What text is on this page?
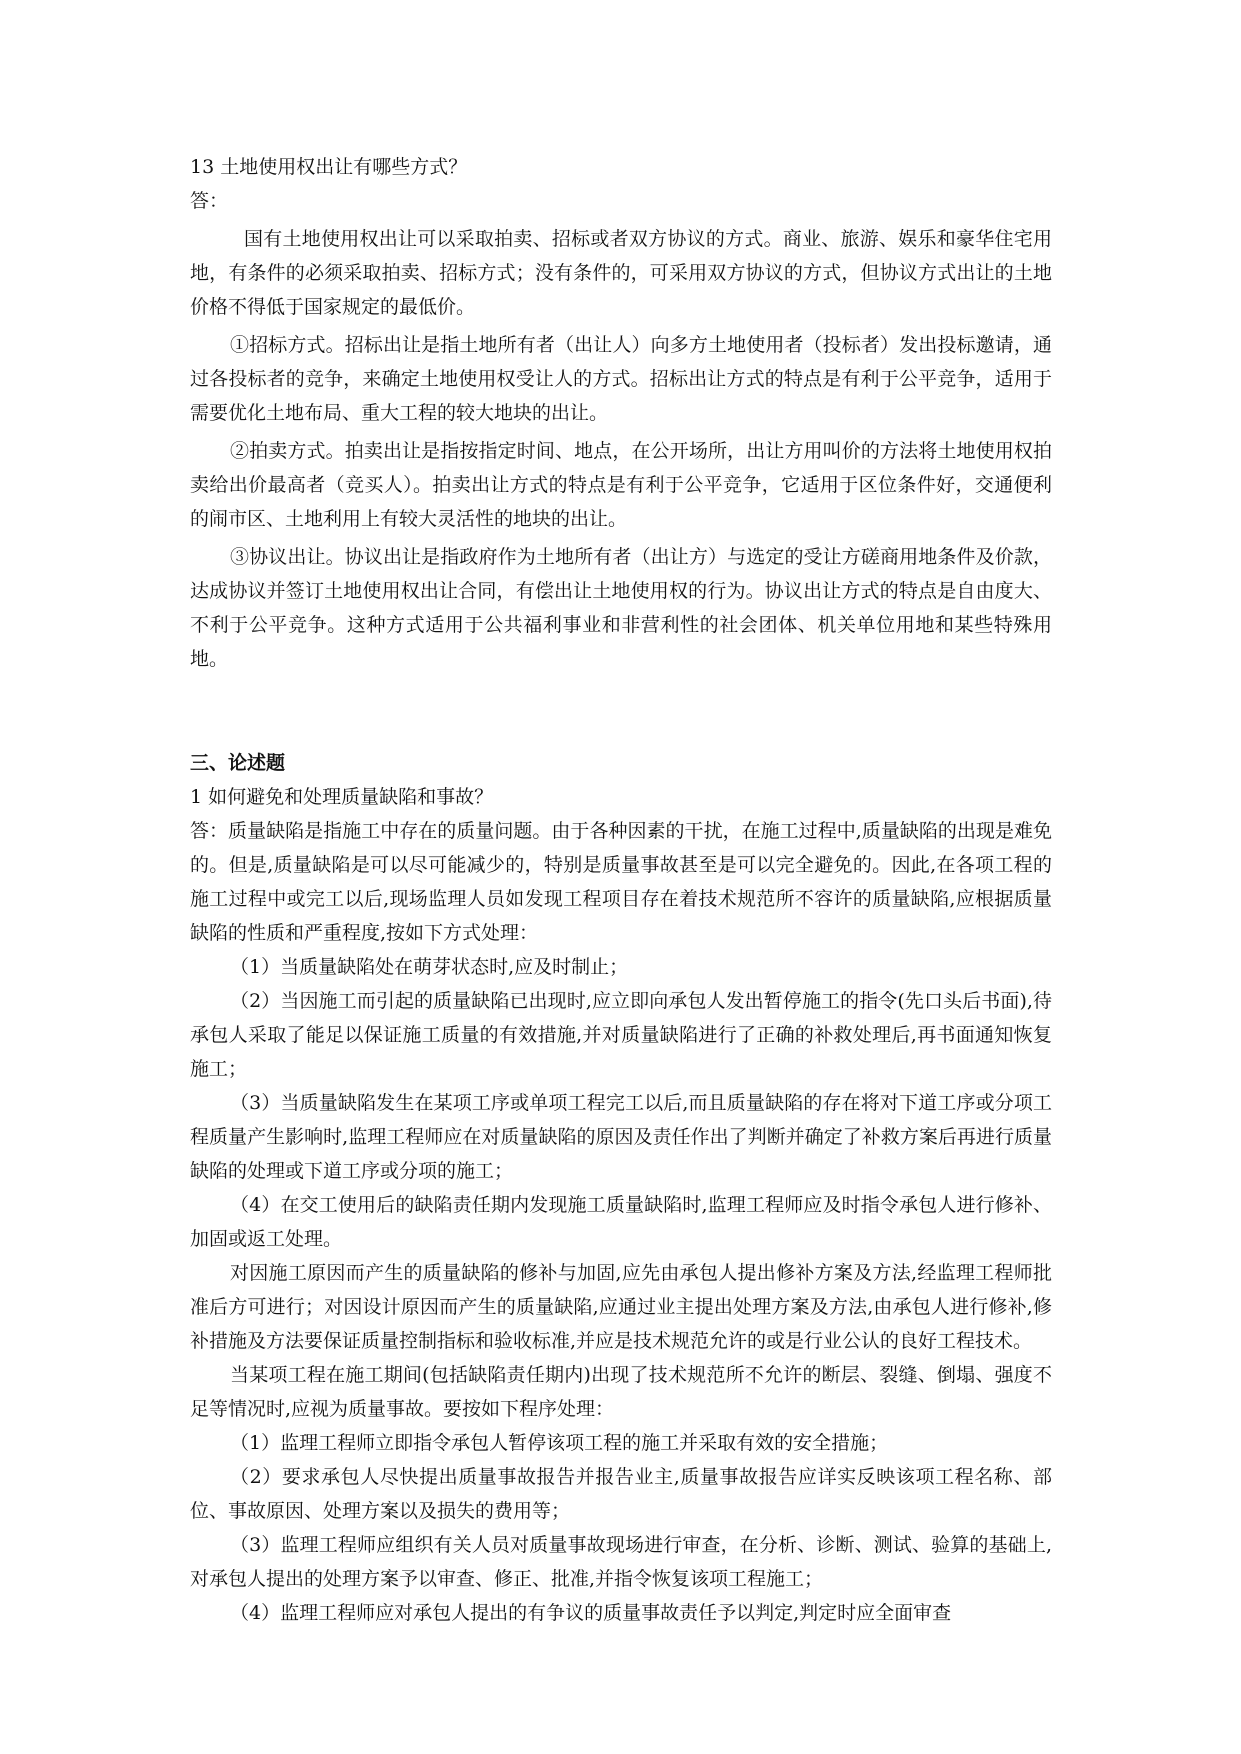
13 土地使用权出让有哪些方式？

答：

国有土地使用权出让可以采取拍卖、招标或者双方协议的方式。商业、旅游、娱乐和豪华住宅用地，有条件的必须采取拍卖、招标方式；没有条件的，可采用双方协议的方式，但协议方式出让的土地价格不得低于国家规定的最低价。

①招标方式。招标出让是指土地所有者（出让人）向多方土地使用者（投标者）发出投标邀请，通过各投标者的竞争，来确定土地使用权受让人的方式。招标出让方式的特点是有利于公平竞争，适用于需要优化土地布局、重大工程的较大地块的出让。

②拍卖方式。拍卖出让是指按指定时间、地点，在公开场所，出让方用叫价的方法将土地使用权拍卖给出价最高者（竞买人）。拍卖出让方式的特点是有利于公平竞争，它适用于区位条件好，交通便利的闹市区、土地利用上有较大灵活性的地块的出让。

③协议出让。协议出让是指政府作为土地所有者（出让方）与选定的受让方磋商用地条件及价款，达成协议并签订土地使用权出让合同，有偿出让土地使用权的行为。协议出让方式的特点是自由度大、不利于公平竞争。这种方式适用于公共福利事业和非营利性的社会团体、机关单位用地和某些特殊用地。

三、论述题

1 如何避免和处理质量缺陷和事故？

答：质量缺陷是指施工中存在的质量问题。由于各种因素的干扰，在施工过程中,质量缺陷的出现是难免的。但是,质量缺陷是可以尽可能减少的，特别是质量事故甚至是可以完全避免的。因此,在各项工程的施工过程中或完工以后,现场监理人员如发现工程项目存在着技术规范所不容许的质量缺陷,应根据质量缺陷的性质和严重程度,按如下方式处理：

（1）当质量缺陷处在萌芽状态时,应及时制止；

（2）当因施工而引起的质量缺陷已出现时,应立即向承包人发出暂停施工的指令(先口头后书面),待承包人采取了能足以保证施工质量的有效措施,并对质量缺陷进行了正确的补救处理后,再书面通知恢复施工；

（3）当质量缺陷发生在某项工序或单项工程完工以后,而且质量缺陷的存在将对下道工序或分项工程质量产生影响时,监理工程师应在对质量缺陷的原因及责任作出了判断并确定了补救方案后再进行质量缺陷的处理或下道工序或分项的施工；

（4）在交工使用后的缺陷责任期内发现施工质量缺陷时,监理工程师应及时指令承包人进行修补、加固或返工处理。

对因施工原因而产生的质量缺陷的修补与加固,应先由承包人提出修补方案及方法,经监理工程师批准后方可进行；对因设计原因而产生的质量缺陷,应通过业主提出处理方案及方法,由承包人进行修补,修补措施及方法要保证质量控制指标和验收标准,并应是技术规范允许的或是行业公认的良好工程技术。

当某项工程在施工期间(包括缺陷责任期内)出现了技术规范所不允许的断层、裂缝、倒塌、强度不足等情况时,应视为质量事故。要按如下程序处理：

（1）监理工程师立即指令承包人暂停该项工程的施工并采取有效的安全措施；

（2）要求承包人尽快提出质量事故报告并报告业主,质量事故报告应详实反映该项工程名称、部位、事故原因、处理方案以及损失的费用等；

（3）监理工程师应组织有关人员对质量事故现场进行审查，在分析、诊断、测试、验算的基础上,对承包人提出的处理方案予以审查、修正、批准,并指令恢复该项工程施工；

（4）监理工程师应对承包人提出的有争议的质量事故责任予以判定,判定时应全面审查
